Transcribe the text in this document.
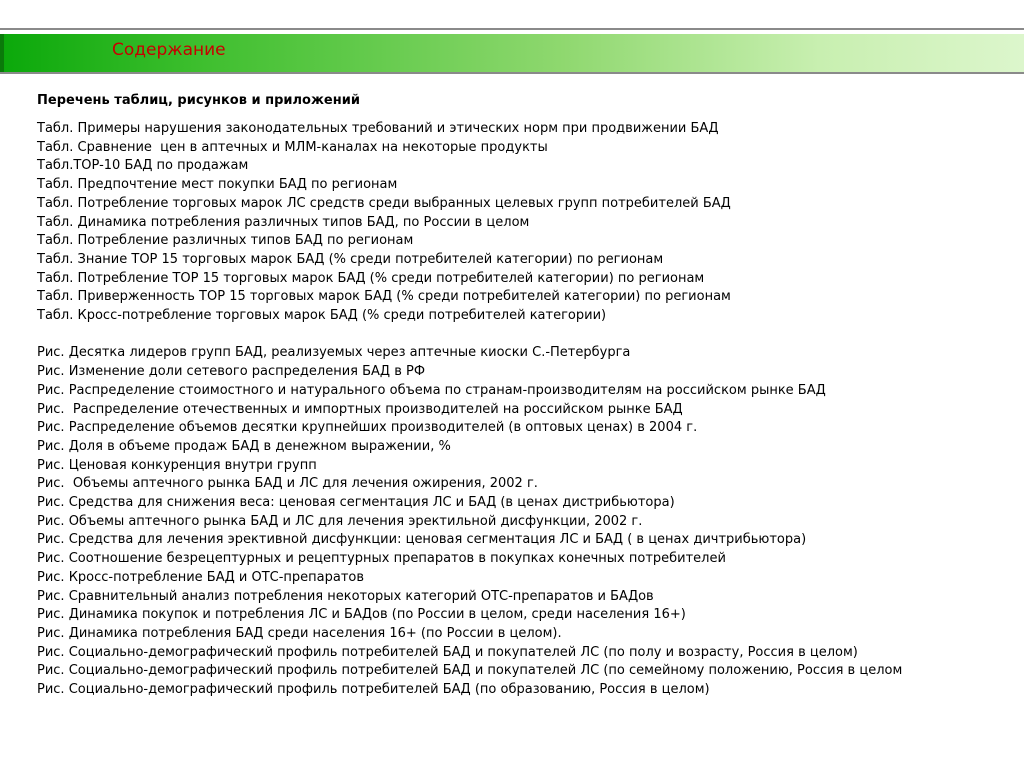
Содержание
Перечень таблиц, рисунков и приложений
Табл. Примеры нарушения законодательных требований и этических норм при продвижении БАД
Табл. Сравнение  цен в аптечных и МЛМ-каналах на некоторые продукты
Табл.TOP-10 БАД по продажам
Табл. Предпочтение мест покупки БАД по регионам
Табл. Потребление торговых марок ЛС средств среди выбранных целевых групп потребителей БАД
Табл. Динамика потребления различных типов БАД, по России в целом
Табл. Потребление различных типов БАД по регионам
Табл. Знание TOP 15 торговых марок БАД (% среди потребителей категории) по регионам
Табл. Потребление TOP 15 торговых марок БАД (% среди потребителей категории) по регионам
Табл. Приверженность TOP 15 торговых марок БАД (% среди потребителей категории) по регионам
Табл. Кросс-потребление торговых марок БАД (% среди потребителей категории)
Рис. Десятка лидеров групп БАД, реализуемых через аптечные киоски С.-Петербурга
Рис. Изменение доли сетевого распределения БАД в РФ
Рис. Распределение стоимостного и натурального объема по странам-производителям на российском рынке БАД
Рис.  Распределение отечественных и импортных производителей на российском рынке БАД
Рис. Распределение объемов десятки крупнейших производителей (в оптовых ценах) в 2004 г.
Рис. Доля в объеме продаж БАД в денежном выражении, %
Рис. Ценовая конкуренция внутри групп
Рис.  Объемы аптечного рынка БАД и ЛС для лечения ожирения, 2002 г.
Рис. Средства для снижения веса: ценовая сегментация ЛС и БАД (в ценах дистрибьютора)
Рис. Объемы аптечного рынка БАД и ЛС для лечения эректильной дисфункции, 2002 г.
Рис. Средства для лечения эрективной дисфункции: ценовая сегментация ЛС и БАД ( в ценах дичтрибьютора)
Рис. Соотношение безрецептурных и рецептурных препаратов в покупках конечных потребителей
Рис. Кросс-потребление БАД и ОТС-препаратов
Рис. Сравнительный анализ потребления некоторых категорий ОТС-препаратов и БАДов
Рис. Динамика покупок и потребления ЛС и БАДов (по России в целом, среди населения 16+)
Рис. Динамика потребления БАД среди населения 16+ (по России в целом).
Рис. Социально-демографический профиль потребителей БАД и покупателей ЛС (по полу и возрасту, Россия в целом)
Рис. Социально-демографический профиль потребителей БАД и покупателей ЛС (по семейному положению, Россия в целом
Рис. Социально-демографический профиль потребителей БАД (по образованию, Россия в целом)
